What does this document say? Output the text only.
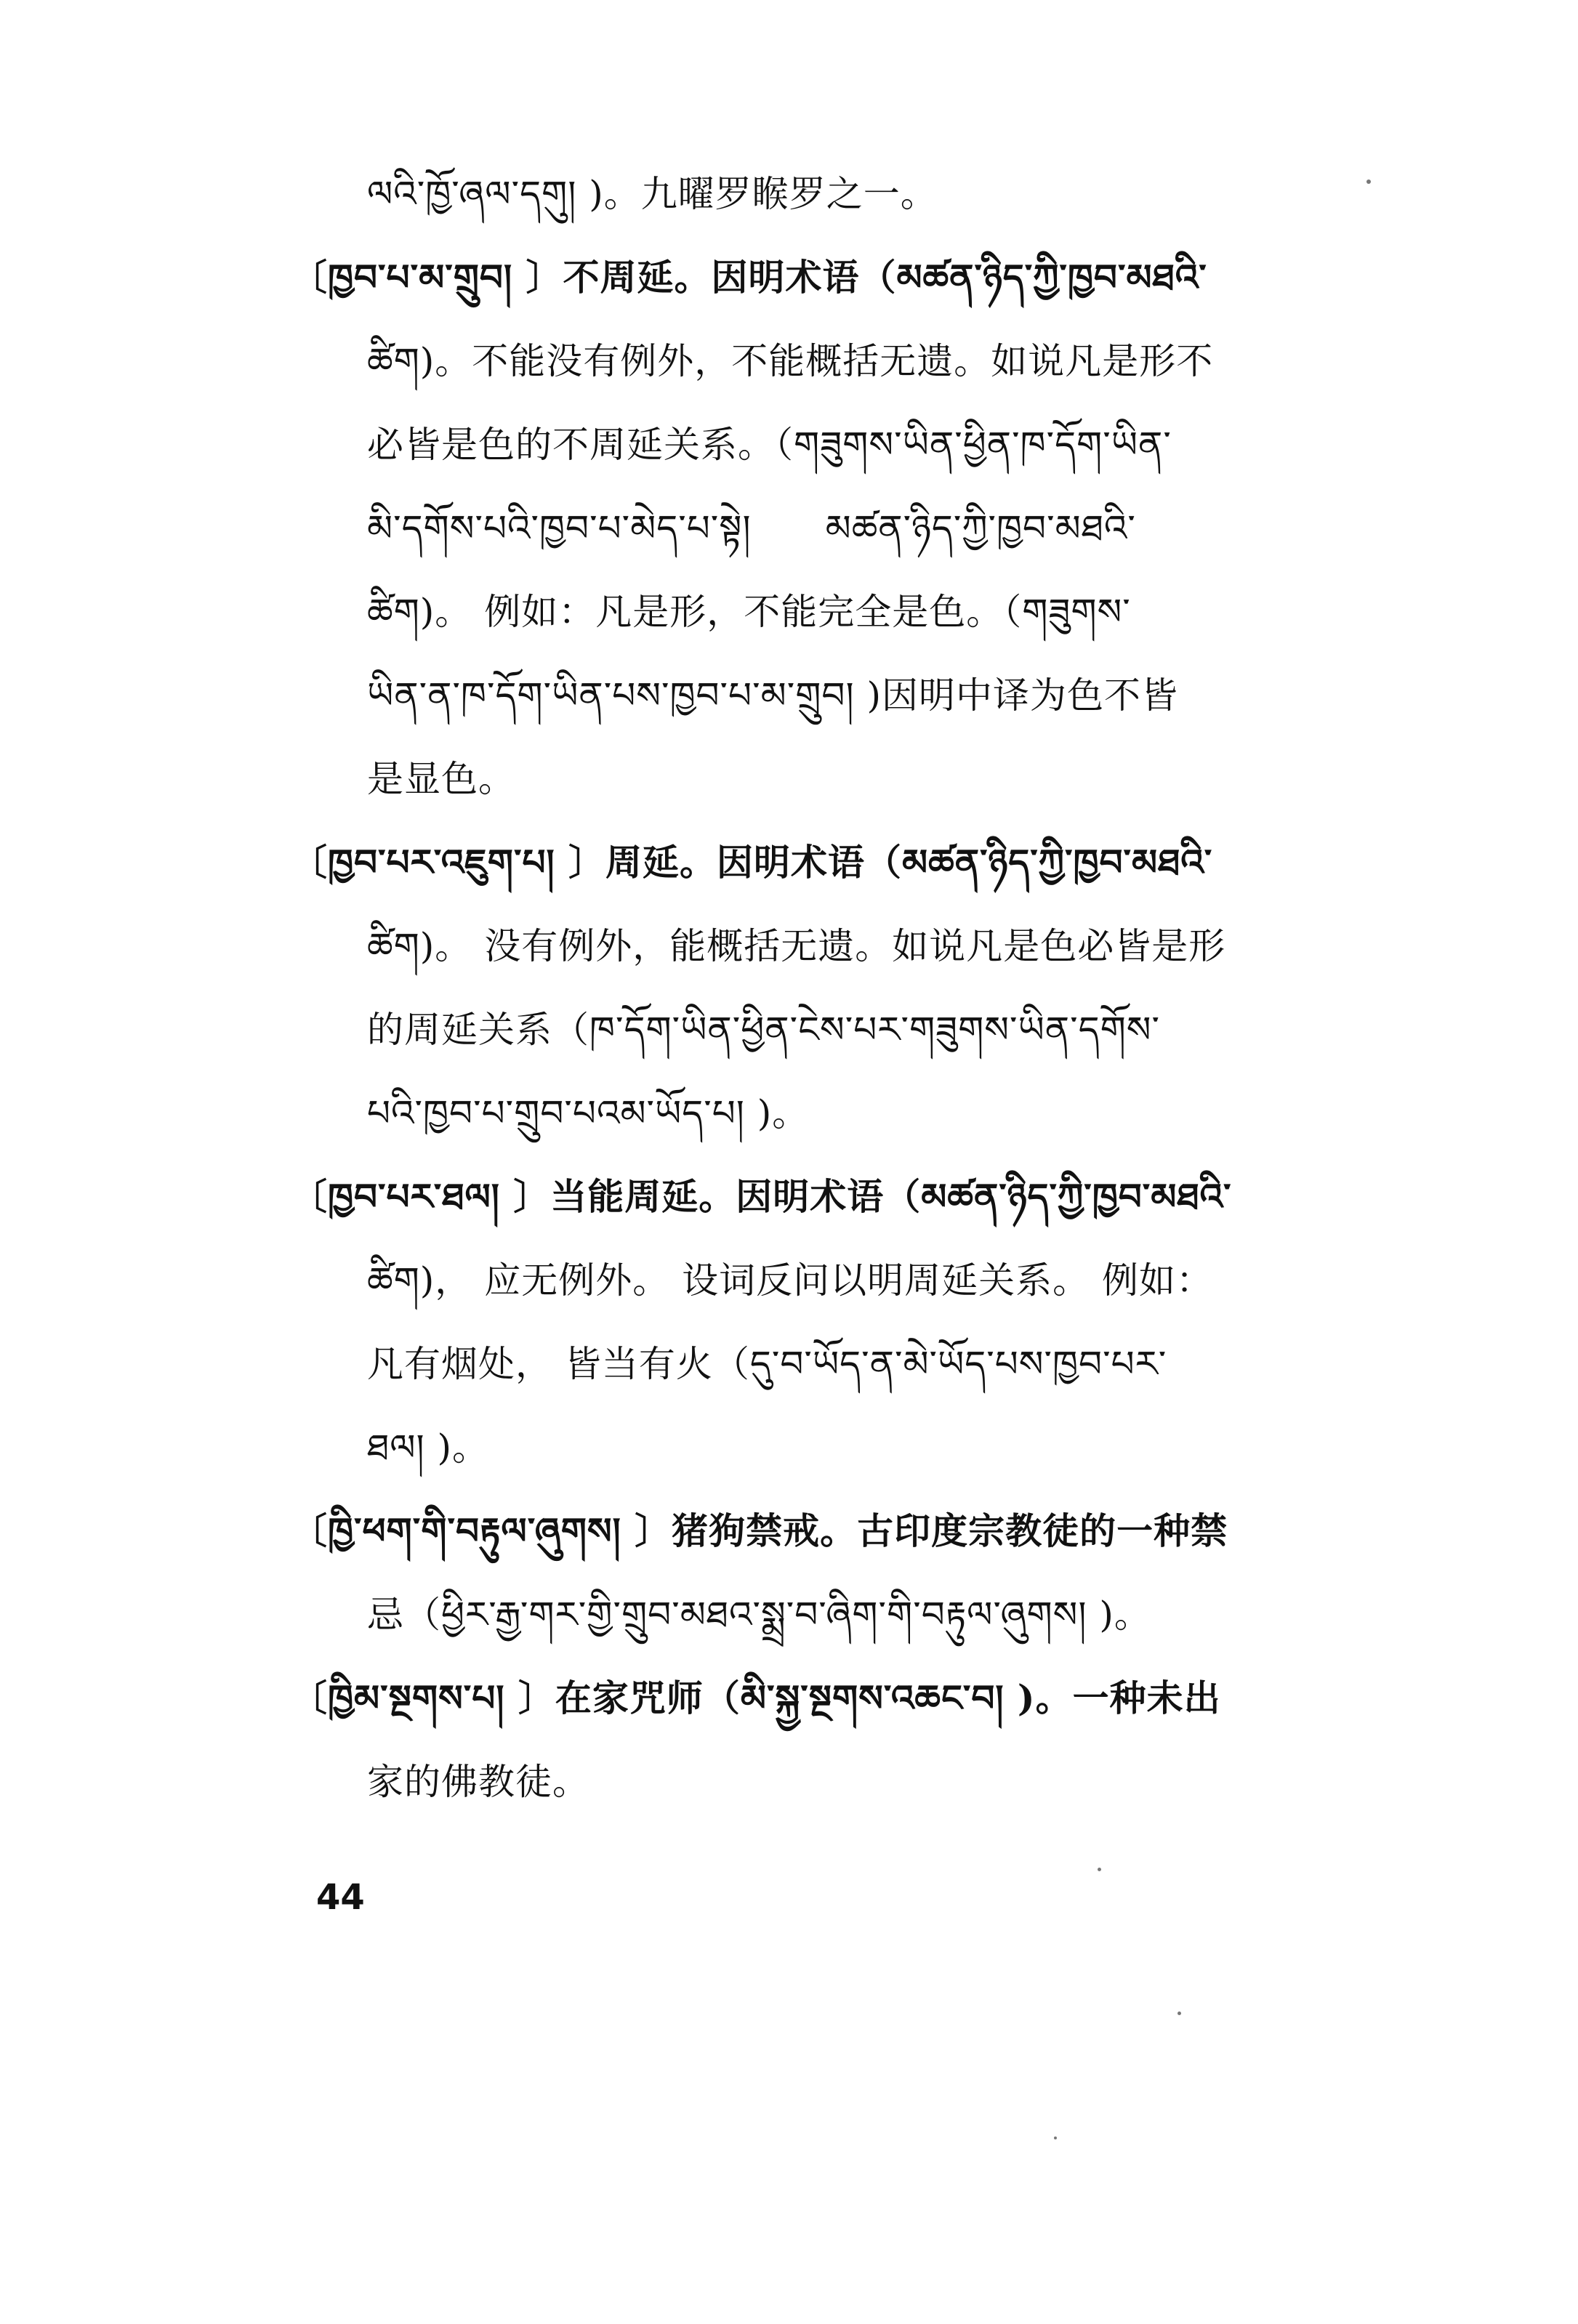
ལའི་ཁྱོ་ཞལ་དགུ། )。九曜罗睺罗之一。
〔ཁྱབ་པ་མ་གྲུབ། 〕不周延。因明术语（མཚན་ཉིད་ཀྱི་ཁྱབ་མཐའི་
ཚིག)。不能没有例外，不能概括无遗。如说凡是形不
必皆是色的不周延关系。（གཟུགས་ཡིན་ཕྱིན་ཁ་དོག་ཡིན་
མི་དགོས་པའི་ཁྱབ་པ་མེད་པ་སྟེ།　　མཚན་ཉིད་ཀྱི་ཁྱབ་མཐའི་
ཚིག)。 例如：凡是形，不能完全是色。（གཟུགས་
ཡིན་ན་ཁ་དོག་ཡིན་པས་ཁྱབ་པ་མ་གྲུབ། )因明中译为色不皆
是显色。
〔ཁྱབ་པར་འཇུག་པ། 〕周延。因明术语（མཚན་ཉིད་ཀྱི་ཁྱབ་མཐའི་
ཚིག)。 没有例外，能概括无遗。如说凡是色必皆是形
的周延关系（ཁ་དོག་ཡིན་ཕྱིན་ངེས་པར་གཟུགས་ཡིན་དགོས་
པའི་ཁྱབ་པ་གྲུབ་པའམ་ཡོད་པ། )。
〔ཁྱབ་པར་ཐལ། 〕当能周延。因明术语（མཚན་ཉིད་ཀྱི་ཁྱབ་མཐའི་
ཚིག)， 应无例外。 设词反问以明周延关系。 例如：
凡有烟处， 皆当有火（དུ་བ་ཡོད་ན་མེ་ཡོད་པས་ཁྱབ་པར་
ཐལ། )。
〔ཁྱི་ཕག་གི་བརྟུལ་ཞུགས། 〕猪狗禁戒。古印度宗教徒的一种禁
忌（ཕྱིར་རྒྱ་གར་གྱི་གྲུབ་མཐའ་སྨྲ་བ་ཞིག་གི་བརྟུལ་ཞུགས། )。
〔ཁྱིམ་སྔགས་པ། 〕在家咒师（མི་སྐྱ་སྔགས་འཆང་བ། )。一种未出
家的佛教徒。
44
